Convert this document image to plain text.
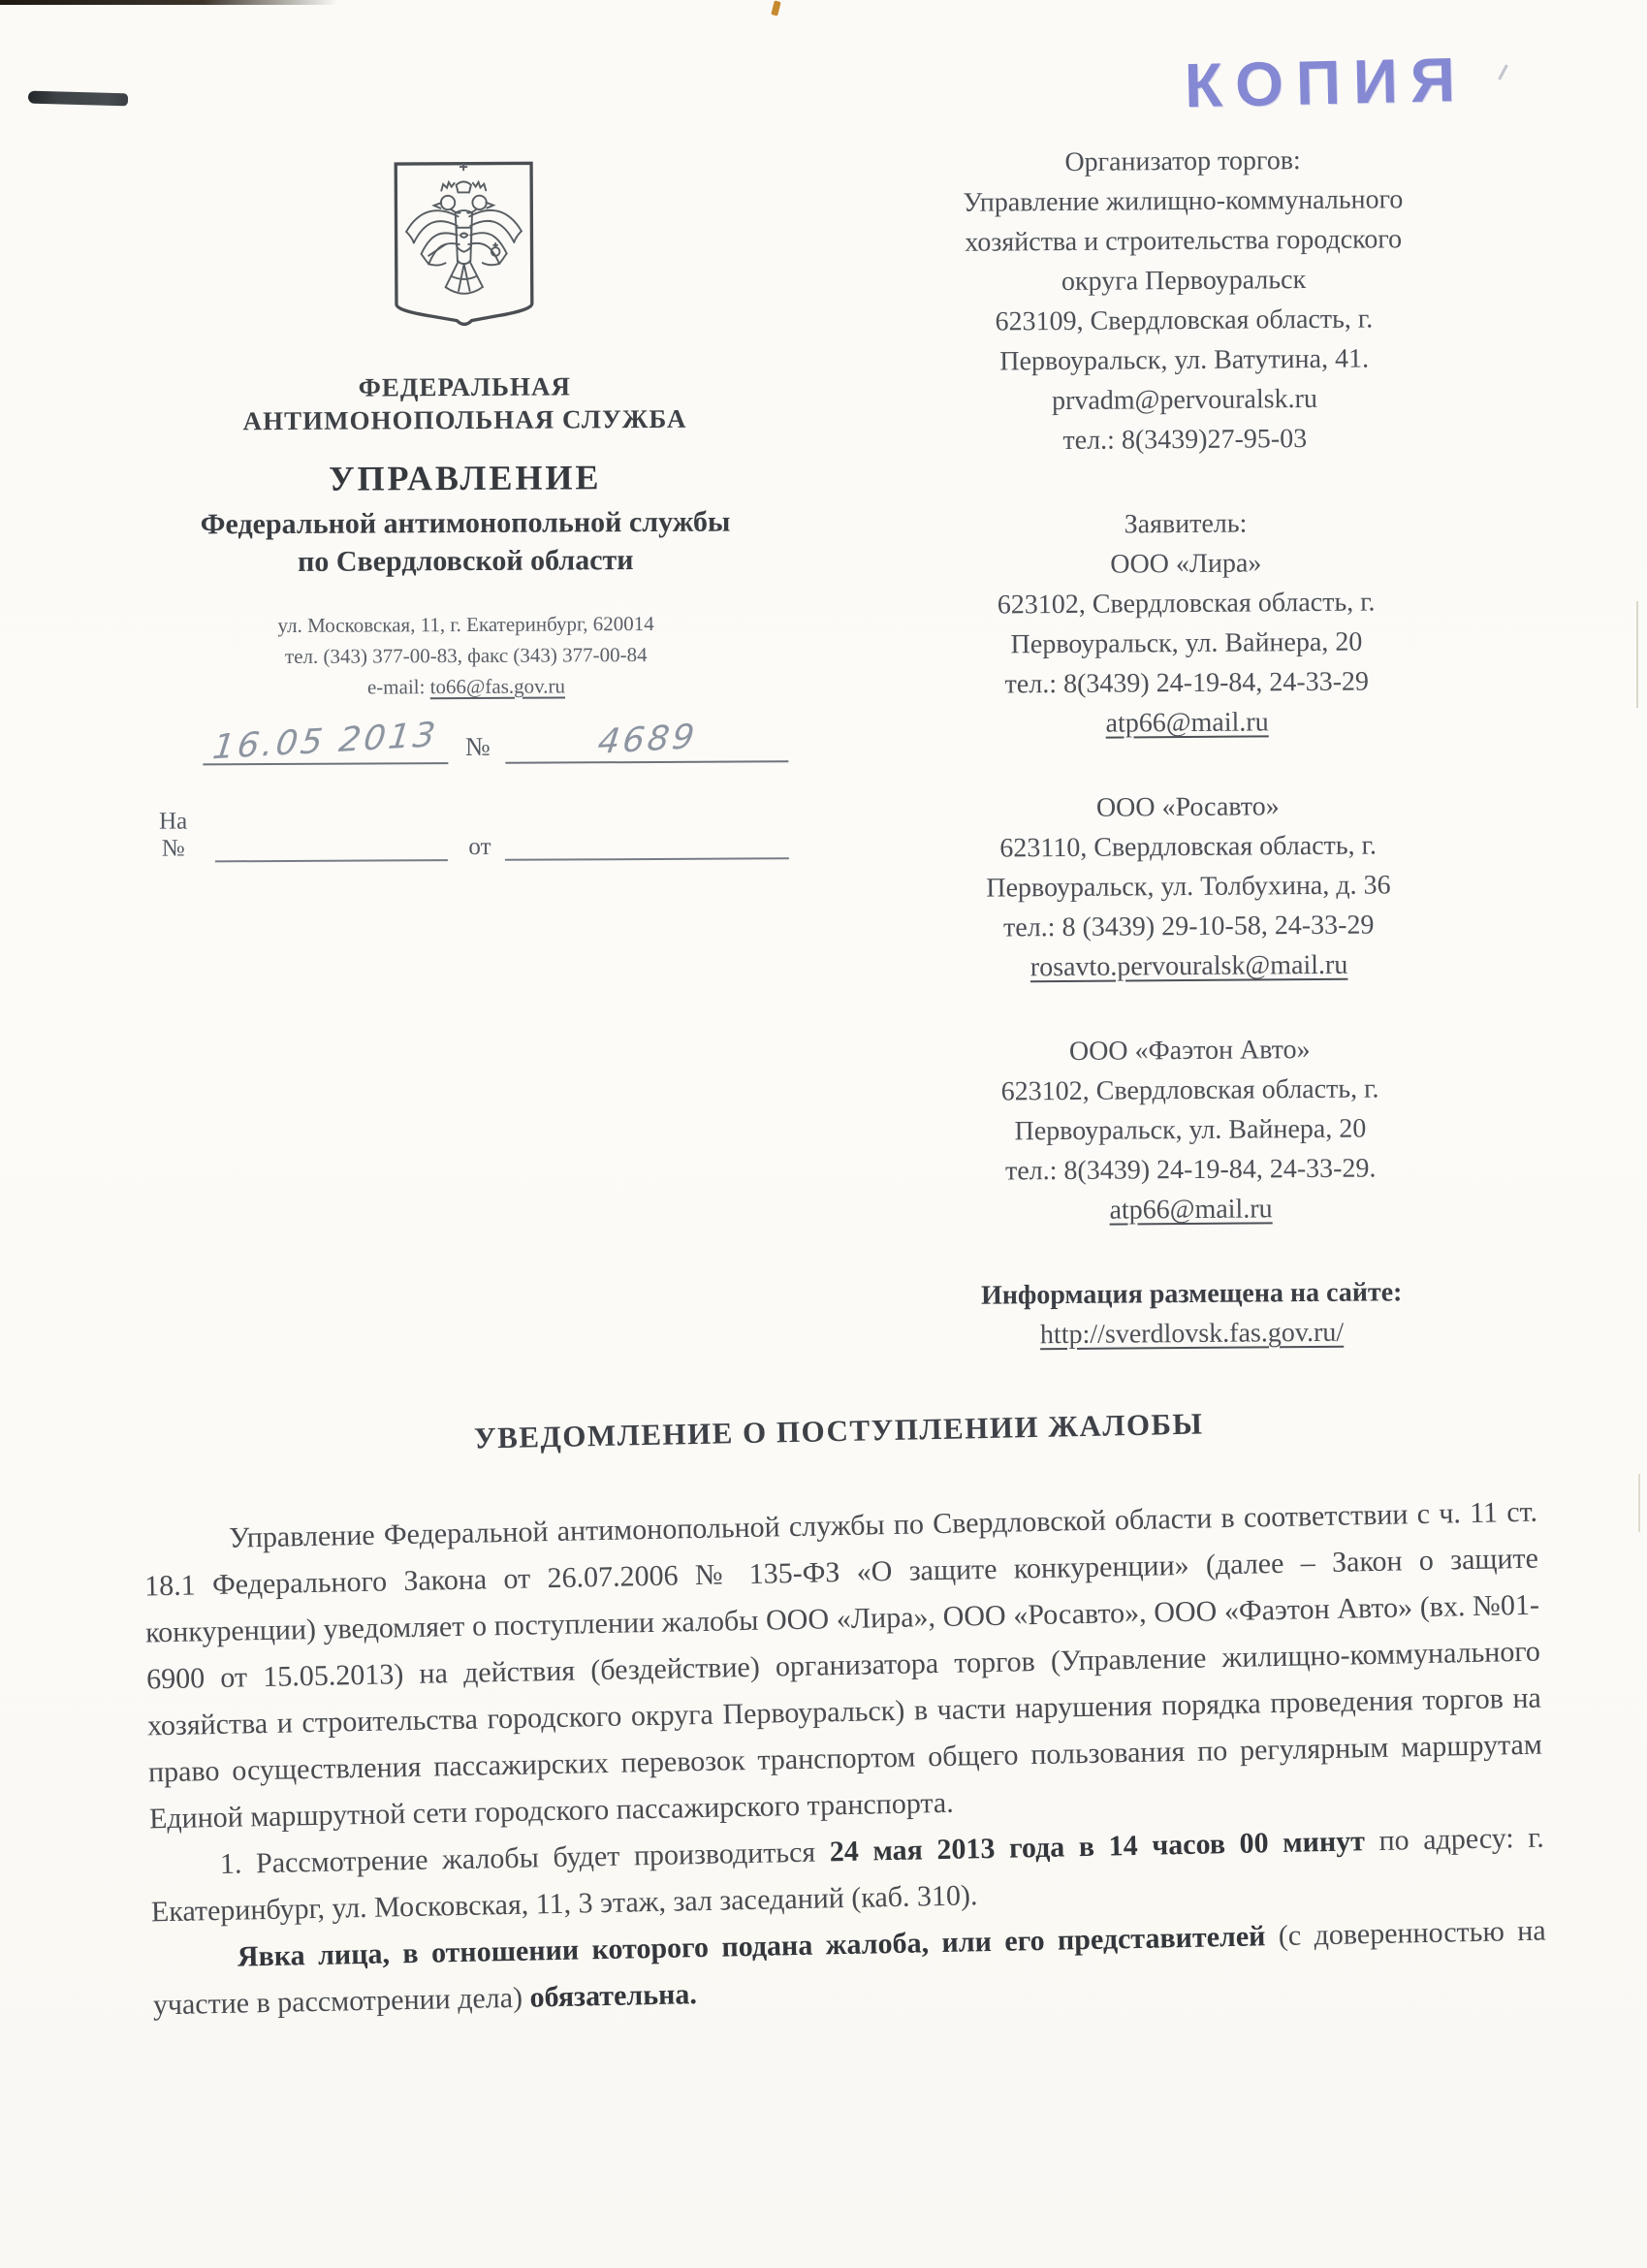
КОПИЯ
ФЕДЕРАЛЬНАЯ
АНТИМОНОПОЛЬНАЯ СЛУЖБА
УПРАВЛЕНИЕ
Федеральной антимонопольной службы
по Свердловской области
ул. Московская, 11, г. Екатеринбург, 620014
тел. (343) 377-00-83, факс (343) 377-00-84
e-mail: to66@fas.gov.ru
16.05 2013 №	4689
На №	от
Организатор торгов:
Управление жилищно-коммунального
хозяйства и строительства городского
округа Первоуральск
623109, Свердловская область, г.
Первоуральск, ул. Ватутина, 41.
prvadm@pervouralsk.ru
тел.: 8(3439)27-95-03
Заявитель:
ООО «Лира»
623102, Свердловская область, г.
Первоуральск, ул. Вайнера, 20
тел.: 8(3439) 24-19-84, 24-33-29
atp66@mail.ru
ООО «Росавто»
623110, Свердловская область, г.
Первоуральск, ул. Толбухина, д. 36
тел.: 8 (3439) 29-10-58, 24-33-29
rosavto.pervouralsk@mail.ru
ООО «Фаэтон Авто»
623102, Свердловская область, г.
Первоуральск, ул. Вайнера, 20
тел.: 8(3439) 24-19-84, 24-33-29.
atp66@mail.ru
Информация размещена на сайте:
http://sverdlovsk.fas.gov.ru/
УВЕДОМЛЕНИЕ О ПОСТУПЛЕНИИ ЖАЛОБЫ

Управление Федеральной антимонопольной службы по Свердловской области в соответствии с ч. 11 ст. 18.1 Федерального Закона от 26.07.2006 № 135-ФЗ «О защите конкуренции» (далее – Закон о защите конкуренции) уведомляет о поступлении жалобы ООО «Лира», ООО «Росавто», ООО «Фаэтон Авто» (вх. №01-6900 от 15.05.2013) на действия (бездействие) организатора торгов (Управление жилищно-коммунального хозяйства и строительства городского округа Первоуральск) в части нарушения порядка проведения торгов на право осуществления пассажирских перевозок транспортом общего пользования по регулярным маршрутам Единой маршрутной сети городского пассажирского транспорта.

1. Рассмотрение жалобы будет производиться 24 мая 2013 года в 14 часов 00 минут по адресу: г. Екатеринбург, ул. Московская, 11, 3 этаж, зал заседаний (каб. 310).

Явка лица, в отношении которого подана жалоба, или его представителей (с доверенностью на участие в рассмотрении дела) обязательна.
